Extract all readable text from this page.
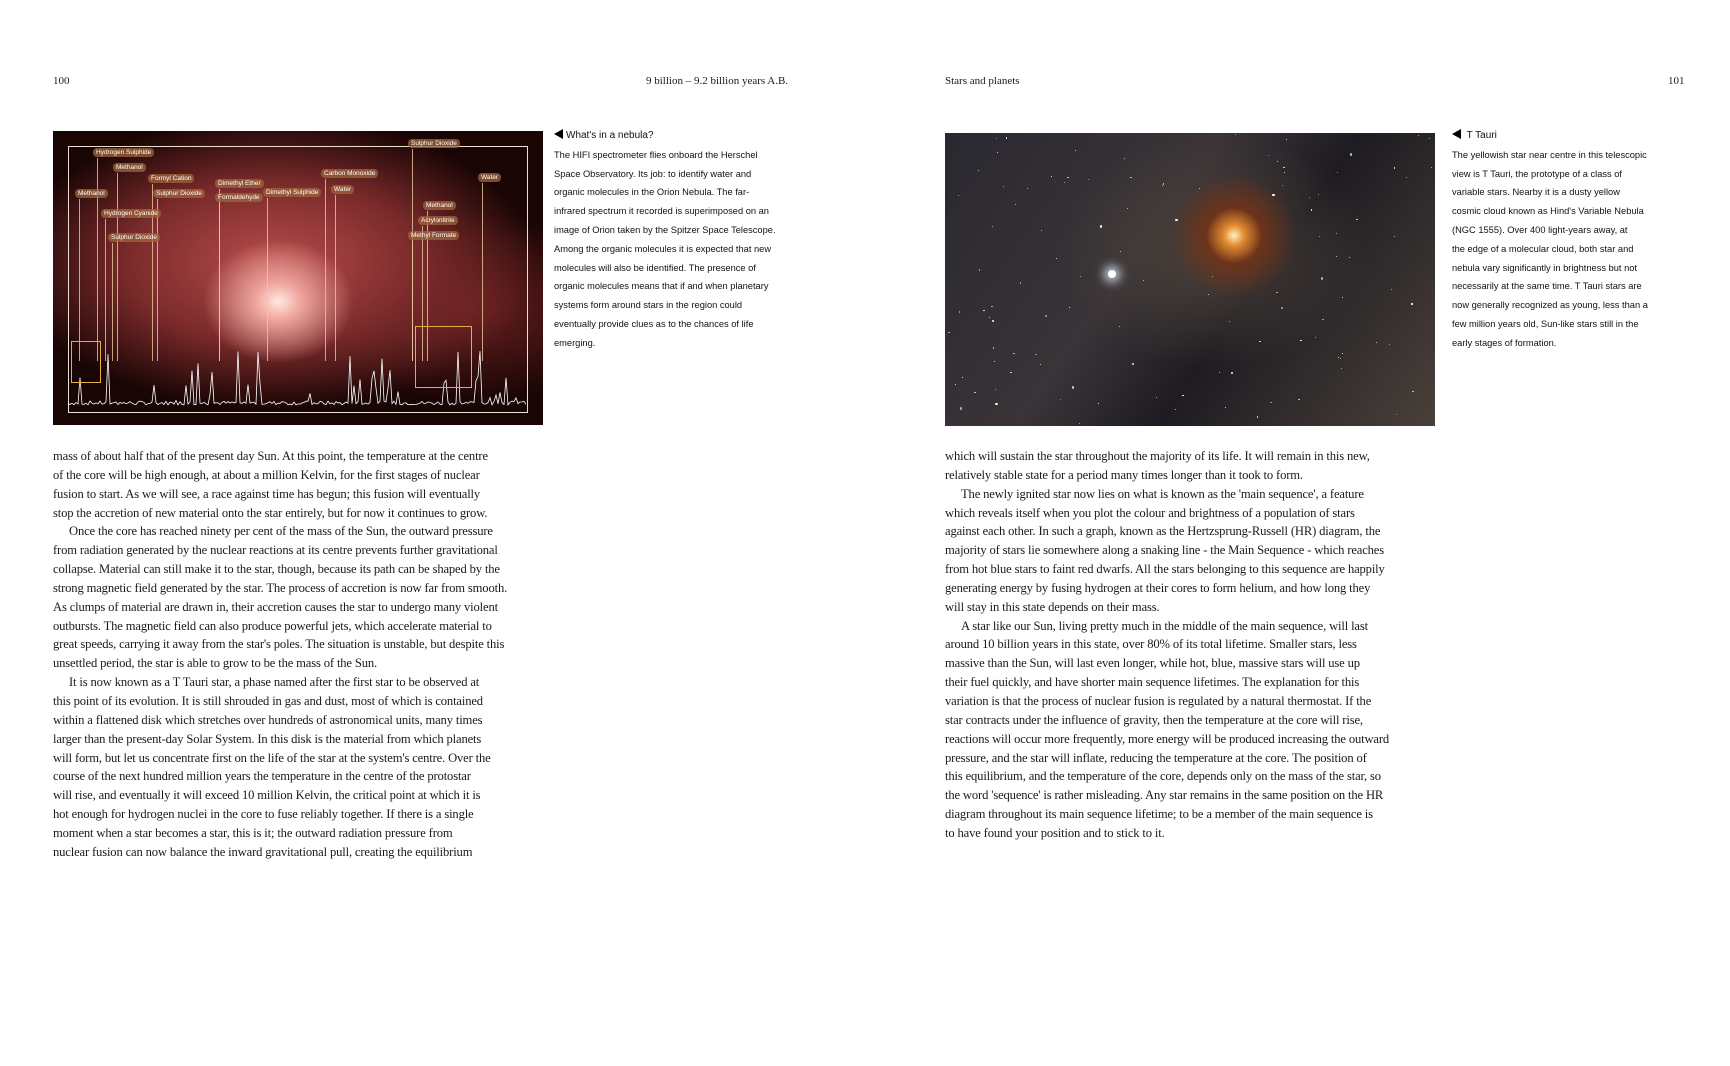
100	9 billion – 9.2 billion years A.B.	Stars and planets	101
Hydrogen Sulphide
Methanol
Formyl Cation
Sulphur Dioxide
Dimethyl Ether
Formaldehyde
Dimethyl Sulphide
Carbon Monoxide
Water
Sulphur Dioxide
Methanol
Hydrogen Cyanide
Sulphur Dioxide
Methanol
Acrylonitrile
Methyl Formate
Water
What's in a nebula?
The HIFI spectrometer flies onboard the Herschel
Space Observatory. Its job: to identify water and
organic molecules in the Orion Nebula. The far-
infrared spectrum it recorded is superimposed on an
image of Orion taken by the Spitzer Space Telescope.
Among the organic molecules it is expected that new
molecules will also be identified. The presence of
organic molecules means that if and when planetary
systems form around stars in the region could
eventually provide clues as to the chances of life
emerging.
T Tauri
The yellowish star near centre in this telescopic
view is T Tauri, the prototype of a class of
variable stars. Nearby it is a dusty yellow
cosmic cloud known as Hind's Variable Nebula
(NGC 1555). Over 400 light-years away, at
the edge of a molecular cloud, both star and
nebula vary significantly in brightness but not
necessarily at the same time. T Tauri stars are
now generally recognized as young, less than a
few million years old, Sun-like stars still in the
early stages of formation.
mass of about half that of the present day Sun. At this point, the temperature at the centre
of the core will be high enough, at about a million Kelvin, for the first stages of nuclear
fusion to start. As we will see, a race against time has begun; this fusion will eventually
stop the accretion of new material onto the star entirely, but for now it continues to grow.
Once the core has reached ninety per cent of the mass of the Sun, the outward pressure
from radiation generated by the nuclear reactions at its centre prevents further gravitational
collapse. Material can still make it to the star, though, because its path can be shaped by the
strong magnetic field generated by the star. The process of accretion is now far from smooth.
As clumps of material are drawn in, their accretion causes the star to undergo many violent
outbursts. The magnetic field can also produce powerful jets, which accelerate material to
great speeds, carrying it away from the star's poles. The situation is unstable, but despite this
unsettled period, the star is able to grow to be the mass of the Sun.
It is now known as a T Tauri star, a phase named after the first star to be observed at
this point of its evolution. It is still shrouded in gas and dust, most of which is contained
within a flattened disk which stretches over hundreds of astronomical units, many times
larger than the present-day Solar System. In this disk is the material from which planets
will form, but let us concentrate first on the life of the star at the system's centre. Over the
course of the next hundred million years the temperature in the centre of the protostar
will rise, and eventually it will exceed 10 million Kelvin, the critical point at which it is
hot enough for hydrogen nuclei in the core to fuse reliably together. If there is a single
moment when a star becomes a star, this is it; the outward radiation pressure from
nuclear fusion can now balance the inward gravitational pull, creating the equilibrium
which will sustain the star throughout the majority of its life. It will remain in this new,
relatively stable state for a period many times longer than it took to form.
The newly ignited star now lies on what is known as the 'main sequence', a feature
which reveals itself when you plot the colour and brightness of a population of stars
against each other. In such a graph, known as the Hertzsprung-Russell (HR) diagram, the
majority of stars lie somewhere along a snaking line - the Main Sequence - which reaches
from hot blue stars to faint red dwarfs. All the stars belonging to this sequence are happily
generating energy by fusing hydrogen at their cores to form helium, and how long they
will stay in this state depends on their mass.
A star like our Sun, living pretty much in the middle of the main sequence, will last
around 10 billion years in this state, over 80% of its total lifetime. Smaller stars, less
massive than the Sun, will last even longer, while hot, blue, massive stars will use up
their fuel quickly, and have shorter main sequence lifetimes. The explanation for this
variation is that the process of nuclear fusion is regulated by a natural thermostat. If the
star contracts under the influence of gravity, then the temperature at the core will rise,
reactions will occur more frequently, more energy will be produced increasing the outward
pressure, and the star will inflate, reducing the temperature at the core. The position of
this equilibrium, and the temperature of the core, depends only on the mass of the star, so
the word 'sequence' is rather misleading. Any star remains in the same position on the HR
diagram throughout its main sequence lifetime; to be a member of the main sequence is
to have found your position and to stick to it.
